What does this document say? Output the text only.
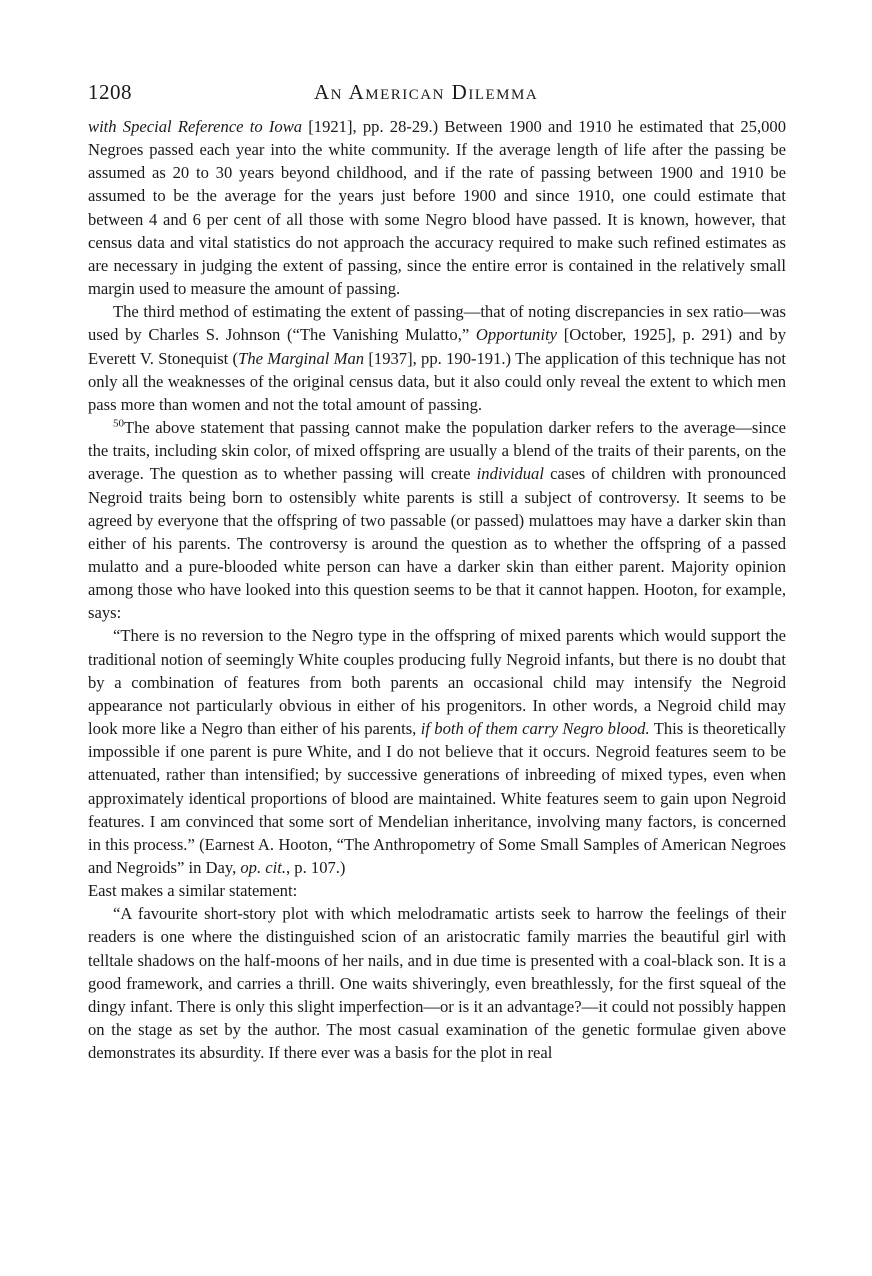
1208	An American Dilemma

with Special Reference to Iowa [1921], pp. 28-29.) Between 1900 and 1910 he estimated that 25,000 Negroes passed each year into the white community. If the average length of life after the passing be assumed as 20 to 30 years beyond childhood, and if the rate of passing between 1900 and 1910 be assumed to be the average for the years just before 1900 and since 1910, one could estimate that between 4 and 6 per cent of all those with some Negro blood have passed. It is known, however, that census data and vital statistics do not approach the accuracy required to make such refined estimates as are necessary in judging the extent of passing, since the entire error is contained in the relatively small margin used to measure the amount of passing.

The third method of estimating the extent of passing—that of noting discrepancies in sex ratio—was used by Charles S. Johnson (“The Vanishing Mulatto,” Opportunity [October, 1925], p. 291) and by Everett V. Stonequist (The Marginal Man [1937], pp. 190-191.) The application of this technique has not only all the weaknesses of the original census data, but it also could only reveal the extent to which men pass more than women and not the total amount of passing.

$^{50}$The above statement that passing cannot make the population darker refers to the average—since the traits, including skin color, of mixed offspring are usually a blend of the traits of their parents, on the average. The question as to whether passing will create individual cases of children with pronounced Negroid traits being born to ostensibly white parents is still a subject of controversy. It seems to be agreed by everyone that the offspring of two passable (or passed) mulattoes may have a darker skin than either of his parents. The controversy is around the question as to whether the offspring of a passed mulatto and a pure-blooded white person can have a darker skin than either parent. Majority opinion among those who have looked into this question seems to be that it cannot happen. Hooton, for example, says:

“There is no reversion to the Negro type in the offspring of mixed parents which would support the traditional notion of seemingly White couples producing fully Negroid infants, but there is no doubt that by a combination of features from both parents an occasional child may intensify the Negroid appearance not particularly obvious in either of his progenitors. In other words, a Negroid child may look more like a Negro than either of his parents, if both of them carry Negro blood. This is theoretically impossible if one parent is pure White, and I do not believe that it occurs. Negroid features seem to be attenuated, rather than intensified; by successive generations of inbreeding of mixed types, even when approximately identical proportions of blood are maintained. White features seem to gain upon Negroid features. I am convinced that some sort of Mendelian inheritance, involving many factors, is concerned in this process.” (Earnest A. Hooton, “The Anthropometry of Some Small Samples of American Negroes and Negroids” in Day, op. cit., p. 107.)

East makes a similar statement:

“A favourite short-story plot with which melodramatic artists seek to harrow the feelings of their readers is one where the distinguished scion of an aristocratic family marries the beautiful girl with telltale shadows on the half-moons of her nails, and in due time is presented with a coal-black son. It is a good framework, and carries a thrill. One waits shiveringly, even breathlessly, for the first squeal of the dingy infant. There is only this slight imperfection—or is it an advantage?—it could not possibly happen on the stage as set by the author. The most casual examination of the genetic formulae given above demonstrates its absurdity. If there ever was a basis for the plot in real
